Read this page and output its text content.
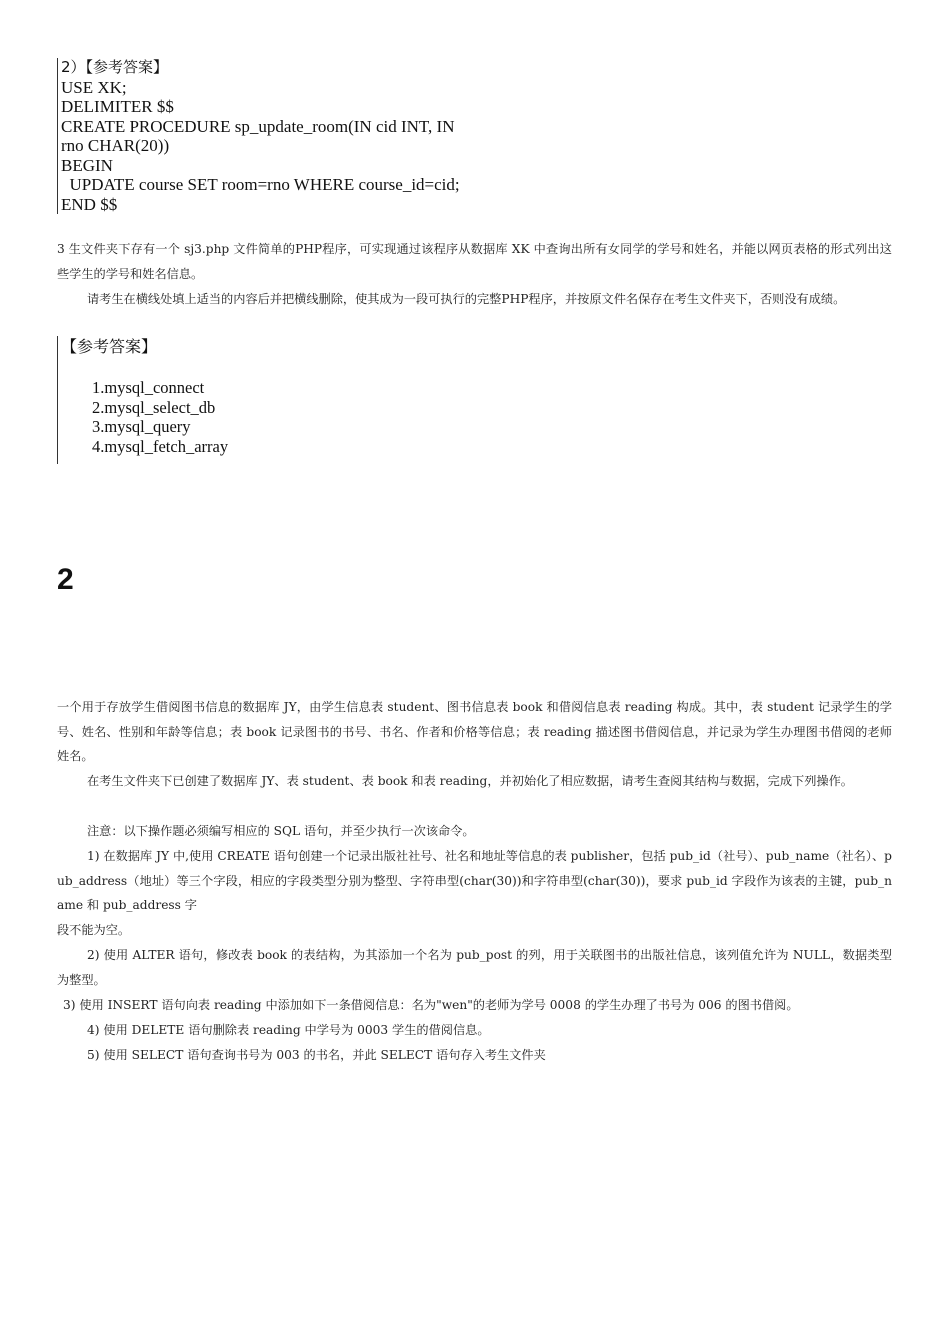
2）【参考答案】
USE XK;
DELIMITER $$
CREATE PROCEDURE sp_update_room(IN cid INT, IN
rno CHAR(20))
BEGIN
UPDATE course SET room=rno WHERE course_id=cid;
END $$
3 生文件夹下存有一个 sj3.php 文件简单的PHP程序，可实现通过该程序从数据库 XK 中查询出所有女同学的学号和姓名，并能以网页表格的形式列出这些学生的学号和姓名信息。
请考生在横线处填上适当的内容后并把横线删除，使其成为一段可执行的完整PHP程序，并按原文件名保存在考生文件夹下，否则没有成绩。
【参考答案】
1.mysql_connect
2.mysql_select_db
3.mysql_query
4.mysql_fetch_array
2
一个用于存放学生借阅图书信息的数据库 JY，由学生信息表 student、图书信息表 book 和借阅信息表 reading 构成。其中，表 student 记录学生的学号、姓名、性别和年龄等信息；表 book 记录图书的书号、书名、作者和价格等信息；表 reading 描述图书借阅信息，并记录为学生办理图书借阅的老师姓名。
在考生文件夹下已创建了数据库 JY、表 student、表 book 和表 reading，并初始化了相应数据，请考生查阅其结构与数据，完成下列操作。
注意：以下操作题必须编写相应的 SQL 语句，并至少执行一次该命令。
1) 在数据库 JY 中,使用 CREATE 语句创建一个记录出版社社号、社名和地址等信息的表 publisher，包括 pub_id（社号）、pub_name（社名）、pub_address（地址）等三个字段，相应的字段类型分别为整型、字符串型(char(30))和字符串型(char(30))，要求 pub_id 字段作为该表的主键，pub_name 和 pub_address 字
段不能为空。
2) 使用 ALTER 语句，修改表 book 的表结构，为其添加一个名为 pub_post 的列，用于关联图书的出版社信息，该列值允许为 NULL，数据类型为整型。
3) 使用 INSERT 语句向表 reading 中添加如下一条借阅信息：名为"wen"的老师为学号 0008 的学生办理了书号为 006 的图书借阅。
4) 使用 DELETE 语句删除表 reading 中学号为 0003 学生的借阅信息。
5) 使用 SELECT 语句查询书号为 003 的书名，并此 SELECT 语句存入考生文件夹
